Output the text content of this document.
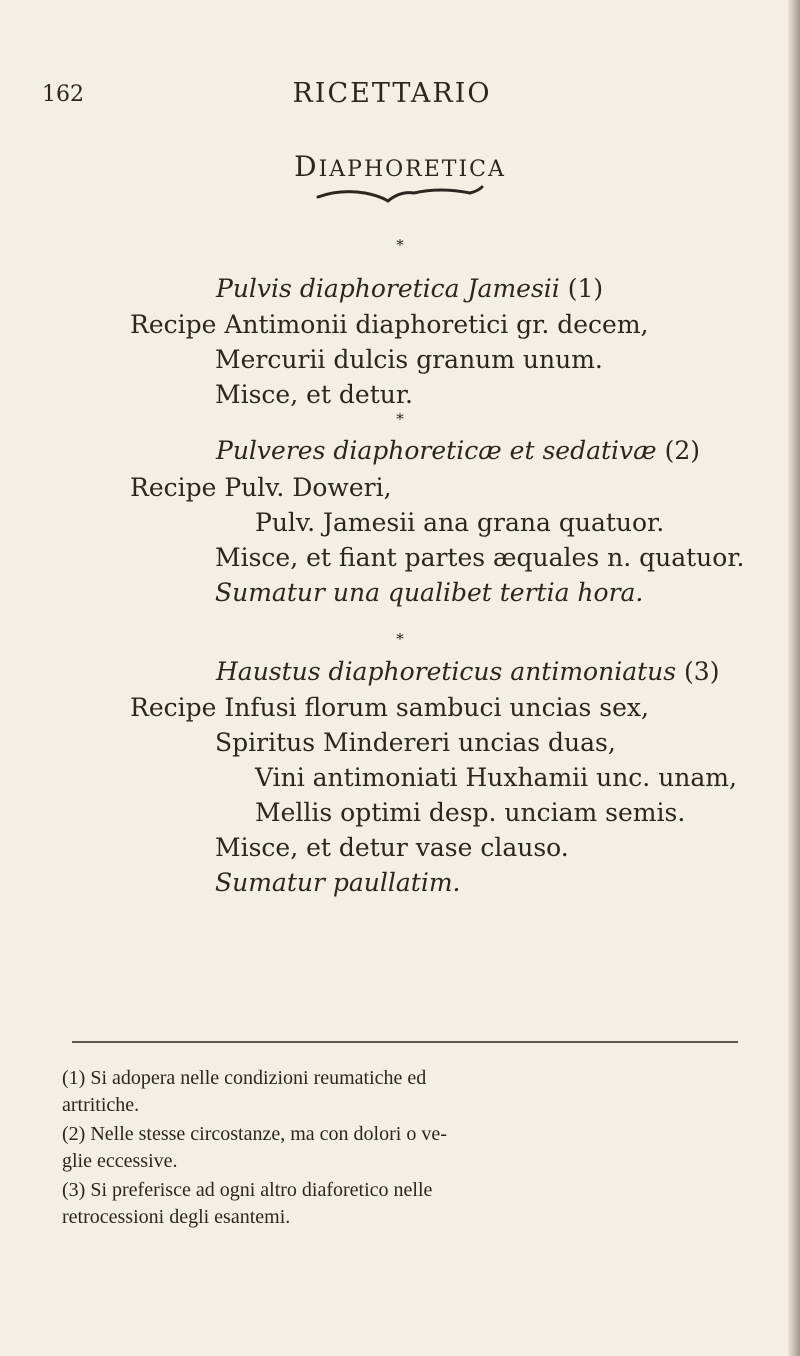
162	RICETTARIO
DIAPHORETICA
*
Pulvis diaphoretica Jamesii (1)
Recipe Antimonii diaphoretici gr. decem,
Mercurii dulcis granum unum.
Misce, et detur.
*
Pulveres diaphoreticæ et sedativæ (2)
Recipe Pulv. Doweri,
Pulv. Jamesii ana grana quatuor.
Misce, et fiant partes æquales n. quatuor.
Sumatur una qualibet tertia hora.
*
Haustus diaphoreticus antimoniatus (3)
Recipe Infusi florum sambuci uncias sex,
Spiritus Mindereri uncias duas,
Vini antimoniati Huxhamii unc. unam,
Mellis optimi desp. unciam semis.
Misce, et detur vase clauso.
Sumatur paullatim.
(1) Si adopera nelle condizioni reumatiche ed
artritiche.
(2) Nelle stesse circostanze, ma con dolori o ve-
glie eccessive.
(3) Si preferisce ad ogni altro diaforetico nelle
retrocessioni degli esantemi.
